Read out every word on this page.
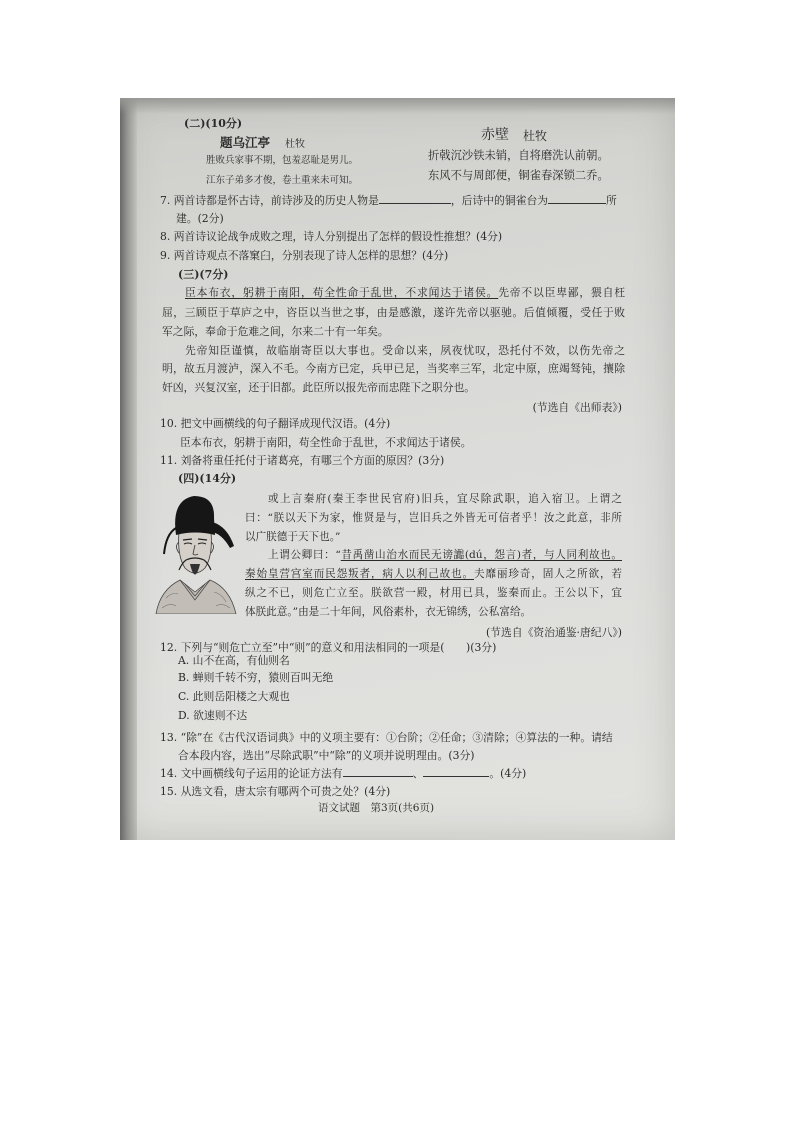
(二)(10分)
题乌江亭 杜牧
胜败兵家事不期，包羞忍耻是男儿。
江东子弟多才俊，卷土重来未可知。
赤壁 杜牧
折戟沉沙铁未销，自将磨洗认前朝。
东风不与周郎便，铜雀春深锁二乔。
7. 两首诗都是怀古诗，前诗涉及的历史人物是	，后诗中的铜雀台为	所
建。(2分)
8. 两首诗议论战争成败之理，诗人分别提出了怎样的假设性推想？(4分)
9. 两首诗观点不落窠臼，分别表现了诗人怎样的思想？(4分)
(三)(7分)
臣本布衣，躬耕于南阳，苟全性命于乱世，不求闻达于诸侯。先帝不以臣卑鄙，猥自枉
屈，三顾臣于草庐之中，咨臣以当世之事，由是感激，遂许先帝以驱驰。后值倾覆，受任于败
军之际，奉命于危难之间，尔来二十有一年矣。
先帝知臣谨慎，故临崩寄臣以大事也。受命以来，夙夜忧叹，恐托付不效，以伤先帝之
明，故五月渡泸，深入不毛。今南方已定，兵甲已足，当奖率三军，北定中原，庶竭驽钝，攘除
奸凶，兴复汉室，还于旧都。此臣所以报先帝而忠陛下之职分也。
(节选自《出师表》)
10. 把文中画横线的句子翻译成现代汉语。(4分)
臣本布衣，躬耕于南阳，苟全性命于乱世，不求闻达于诸侯。
11. 刘备将重任托付于诸葛亮，有哪三个方面的原因？(3分)
(四)(14分)
或上言秦府(秦王李世民官府)旧兵，宜尽除武职，追入宿卫。上谓之
曰：“朕以天下为家，惟贤是与，岂旧兵之外皆无可信者乎！汝之此意，非所
以广朕德于天下也。”
上谓公卿曰：“昔禹凿山治水而民无谤讟(dú，怨言)者，与人同利故也。
秦始皇营宫室而民怨叛者，病人以利己故也。夫靡丽珍奇，固人之所欲，若
纵之不已，则危亡立至。朕欲营一殿，材用已具，鉴秦而止。王公以下，宜
体朕此意。”由是二十年间，风俗素朴，衣无锦绣，公私富给。
(节选自《资治通鉴·唐纪八》)
12. 下列与“则危亡立至”中“则”的意义和用法相同的一项是(　　)(3分)
A. 山不在高，有仙则名
B. 蝉则千转不穷，猿则百叫无绝
C. 此则岳阳楼之大观也
D. 欲速则不达
13. “除”在《古代汉语词典》中的义项主要有：①台阶；②任命；③清除；④算法的一种。请结
合本段内容，选出“尽除武职”中“除”的义项并说明理由。(3分)
14. 文中画横线句子运用的论证方法有	、	。(4分)
15. 从选文看，唐太宗有哪两个可贵之处？(4分)
语文试题　第3页(共6页)
